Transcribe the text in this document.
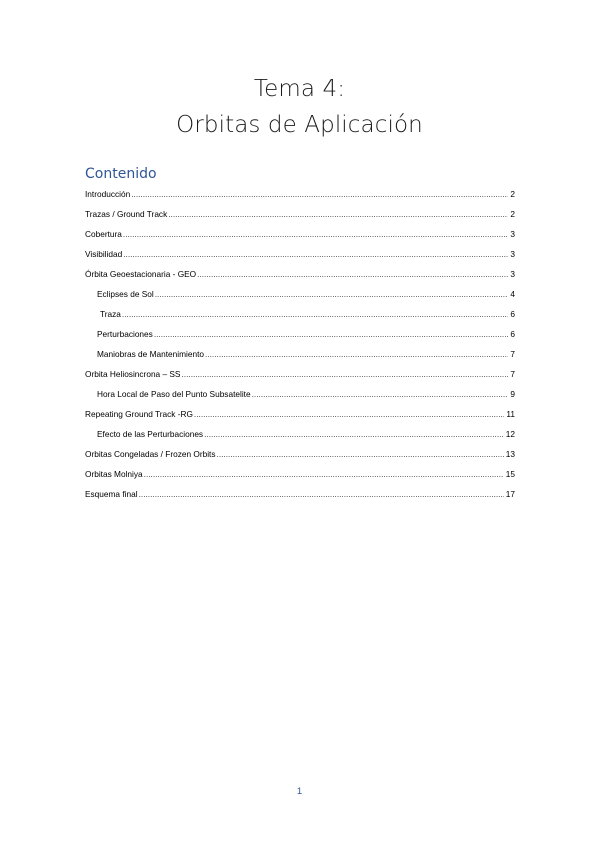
Tema 4:
Orbitas de Aplicación
Contenido
Introducción .....	2
Trazas / Ground Track .....	2
Cobertura .....	3
Visibilidad .....	3
Órbita Geoestacionaria - GEO .....	3
Eclipses de Sol .....	4
Traza .....	6
Perturbaciones .....	6
Maniobras de Mantenimiento .....	7
Orbita Heliosincrona – SS .....	7
Hora Local de Paso del Punto Subsatelite .....	9
Repeating Ground Track -RG .....	11
Efecto de las Perturbaciones .....	12
Orbitas Congeladas / Frozen Orbits .....	13
Orbitas Molniya .....	15
Esquema final .....	17
1
